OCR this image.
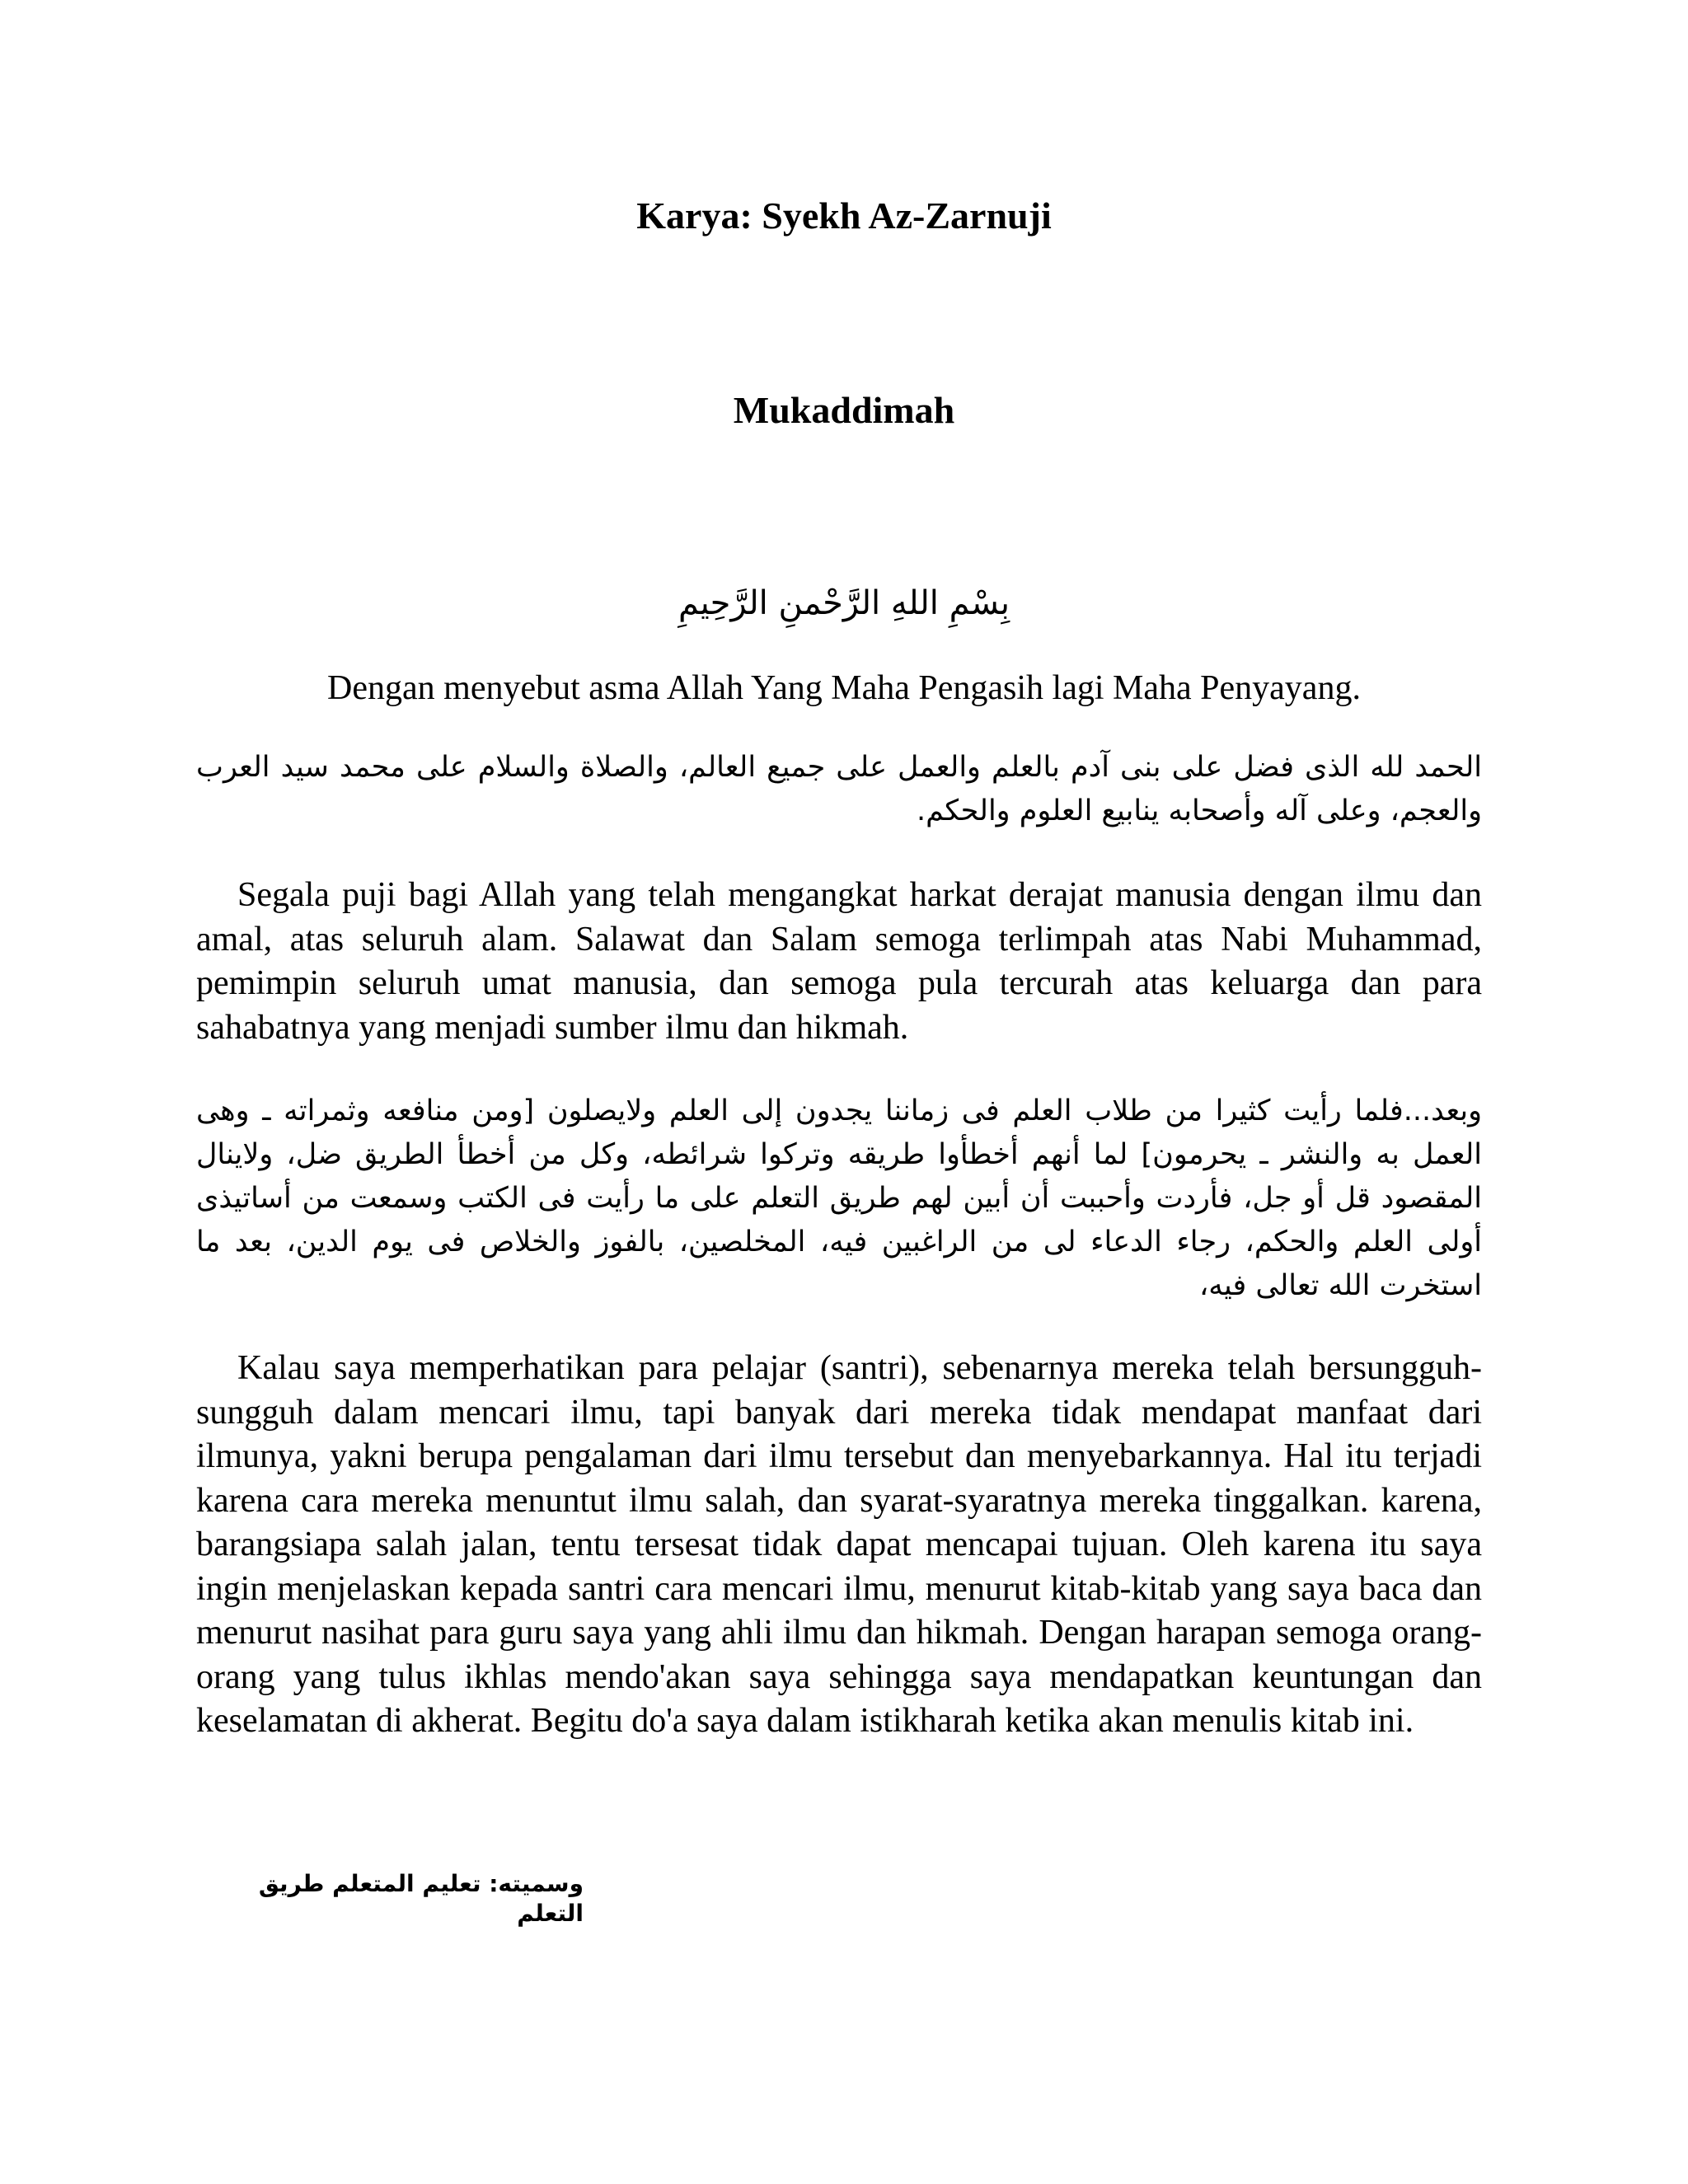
Karya: Syekh Az-Zarnuji
Mukaddimah
بِسْمِ اللهِ الرَّحْمنِ الرَّحِيمِ
Dengan menyebut asma Allah Yang Maha Pengasih lagi Maha Penyayang.
الحمد لله الذى فضل على بنى آدم بالعلم والعمل على جميع العالم، والصلاة والسلام على محمد سيد العرب والعجم، وعلى آله وأصحابه ينابيع العلوم والحكم.
Segala puji bagi Allah yang telah mengangkat harkat derajat manusia dengan ilmu dan amal, atas seluruh alam. Salawat dan Salam semoga terlimpah atas Nabi Muhammad, pemimpin seluruh umat manusia, dan semoga pula tercurah atas keluarga dan para sahabatnya yang menjadi sumber ilmu dan hikmah.
وبعد...فلما رأيت كثيرا من طلاب العلم فى زماننا يجدون إلى العلم ولايصلون [ومن منافعه وثمراته ـ وهى العمل به والنشر ـ يحرمون] لما أنهم أخطأوا طريقه وتركوا شرائطه، وكل من أخطأ الطريق ضل، ولاينال المقصود قل أو جل، فأردت وأحببت أن أبين لهم طريق التعلم على ما رأيت فى الكتب وسمعت من أساتيذى أولى العلم والحكم، رجاء الدعاء لى من الراغبين فيه، المخلصين، بالفوز والخلاص فى يوم الدين، بعد ما استخرت الله تعالى فيه،
Kalau saya memperhatikan para pelajar (santri), sebenarnya mereka telah bersungguh-sungguh dalam mencari ilmu, tapi banyak dari mereka tidak mendapat manfaat dari ilmunya, yakni berupa pengalaman dari ilmu tersebut dan menyebarkannya. Hal itu terjadi karena cara mereka menuntut ilmu salah, dan syarat-syaratnya mereka tinggalkan. karena, barangsiapa salah jalan, tentu tersesat tidak dapat mencapai tujuan. Oleh karena itu saya ingin menjelaskan kepada santri cara mencari ilmu, menurut kitab-kitab yang saya baca dan menurut nasihat para guru saya yang ahli ilmu dan hikmah. Dengan harapan semoga orang-orang yang tulus ikhlas mendo'akan saya sehingga saya mendapatkan keuntungan dan keselamatan di akherat. Begitu do'a saya dalam istikharah ketika akan menulis kitab ini.
وسميته: تعليم المتعلم طريق التعلم
